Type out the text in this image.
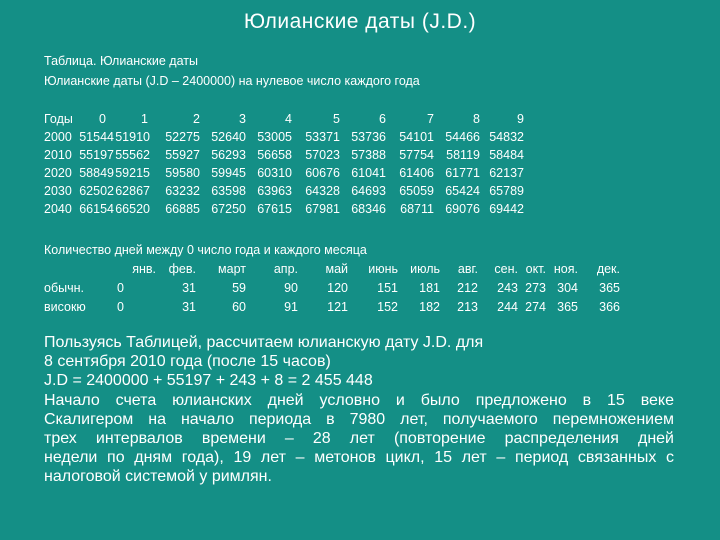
Юлианские даты (J.D.)
Таблица. Юлианские даты
Юлианские даты (J.D – 2400000) на нулевое число каждого года
Годы	0	1	2	3	4	5	6	7	8	9
2000	51544	51910	52275	52640	53005	53371	53736	54101	54466	54832
2010	55197	55562	55927	56293	56658	57023	57388	57754	58119	58484
2020	58849	59215	59580	59945	60310	60676	61041	61406	61771	62137
2030	62502	62867	63232	63598	63963	64328	64693	65059	65424	65789
2040	66154	66520	66885	67250	67615	67981	68346	68711	69076	69442
Количество дней между 0 число года и каждого месяца
	янв.	фев.	март	апр.	май	июнь	июль	авг.	сен.	окт.	ноя.	дек.
обычн.	0	31	59	90	120	151	181	212	243	273	304	365
високю	0	31	60	91	121	152	182	213	244	274	365	366
Пользуясь Таблицей, рассчитаем юлианскую дату J.D. для
8 сентября 2010 года (после 15 часов)
J.D = 2400000 + 55197 + 243 + 8 = 2 455 448
Начало счета юлианских дней условно и было предложено в 15 веке
Скалигером на начало периода в 7980 лет, получаемого перемножением
трех интервалов времени – 28 лет (повторение распределения дней
недели по дням года), 19 лет – метонов цикл, 15 лет – период связанных с
налоговой системой у римлян.
